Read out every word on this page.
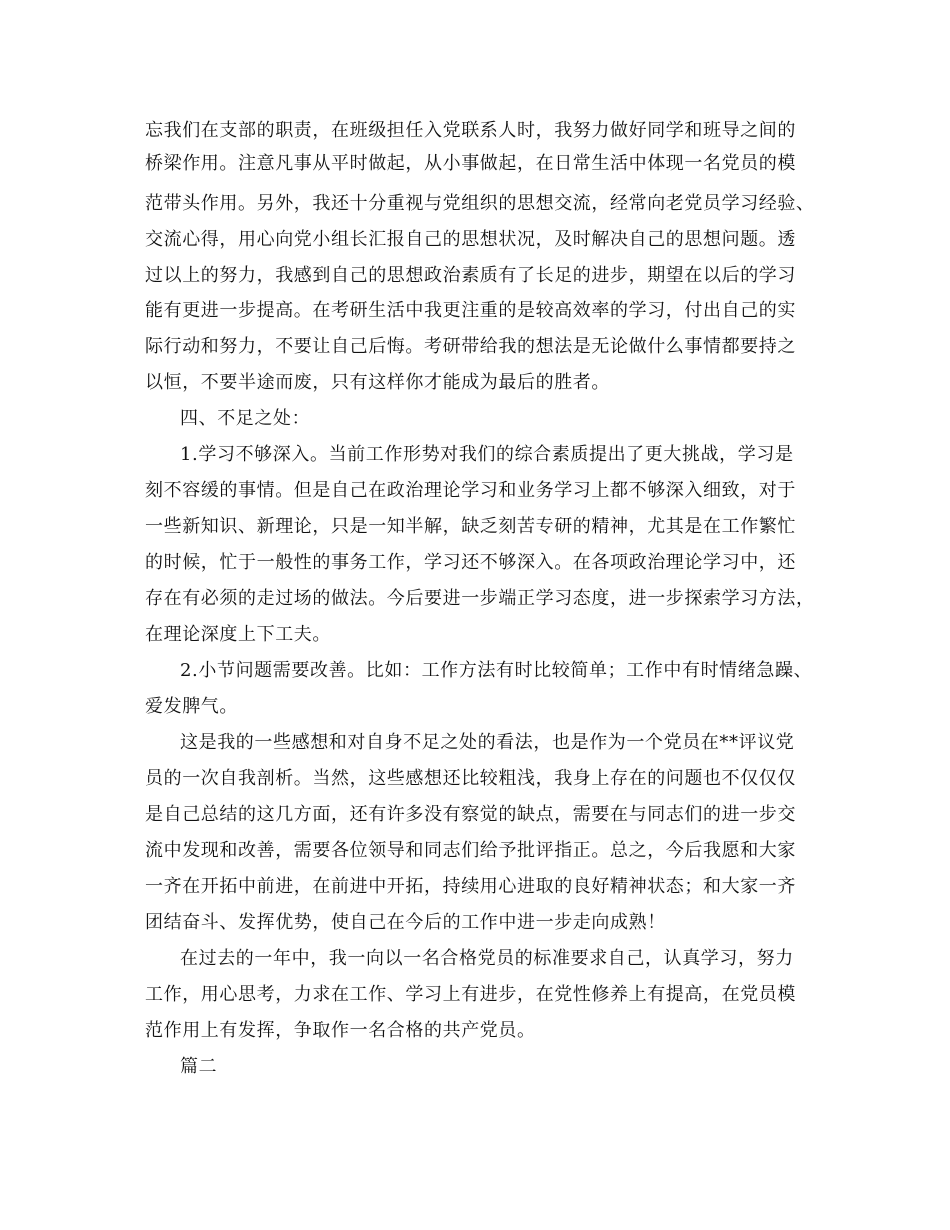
忘我们在支部的职责，在班级担任入党联系人时，我努力做好同学和班导之间的
桥梁作用。注意凡事从平时做起，从小事做起，在日常生活中体现一名党员的模
范带头作用。另外，我还十分重视与党组织的思想交流，经常向老党员学习经验、
交流心得，用心向党小组长汇报自己的思想状况，及时解决自己的思想问题。透
过以上的努力，我感到自己的思想政治素质有了长足的进步，期望在以后的学习
能有更进一步提高。在考研生活中我更注重的是较高效率的学习，付出自己的实
际行动和努力，不要让自己后悔。考研带给我的想法是无论做什么事情都要持之
以恒，不要半途而废，只有这样你才能成为最后的胜者。
四、不足之处：
1.学习不够深入。当前工作形势对我们的综合素质提出了更大挑战，学习是
刻不容缓的事情。但是自己在政治理论学习和业务学习上都不够深入细致，对于
一些新知识、新理论，只是一知半解，缺乏刻苦专研的精神，尤其是在工作繁忙
的时候，忙于一般性的事务工作，学习还不够深入。在各项政治理论学习中，还
存在有必须的走过场的做法。今后要进一步端正学习态度，进一步探索学习方法，
在理论深度上下工夫。
2.小节问题需要改善。比如：工作方法有时比较简单；工作中有时情绪急躁、
爱发脾气。
这是我的一些感想和对自身不足之处的看法，也是作为一个党员在**评议党
员的一次自我剖析。当然，这些感想还比较粗浅，我身上存在的问题也不仅仅仅
是自己总结的这几方面，还有许多没有察觉的缺点，需要在与同志们的进一步交
流中发现和改善，需要各位领导和同志们给予批评指正。总之，今后我愿和大家
一齐在开拓中前进，在前进中开拓，持续用心进取的良好精神状态；和大家一齐
团结奋斗、发挥优势，使自己在今后的工作中进一步走向成熟！
在过去的一年中，我一向以一名合格党员的标准要求自己，认真学习，努力
工作，用心思考，力求在工作、学习上有进步，在党性修养上有提高，在党员模
范作用上有发挥，争取作一名合格的共产党员。
篇二
